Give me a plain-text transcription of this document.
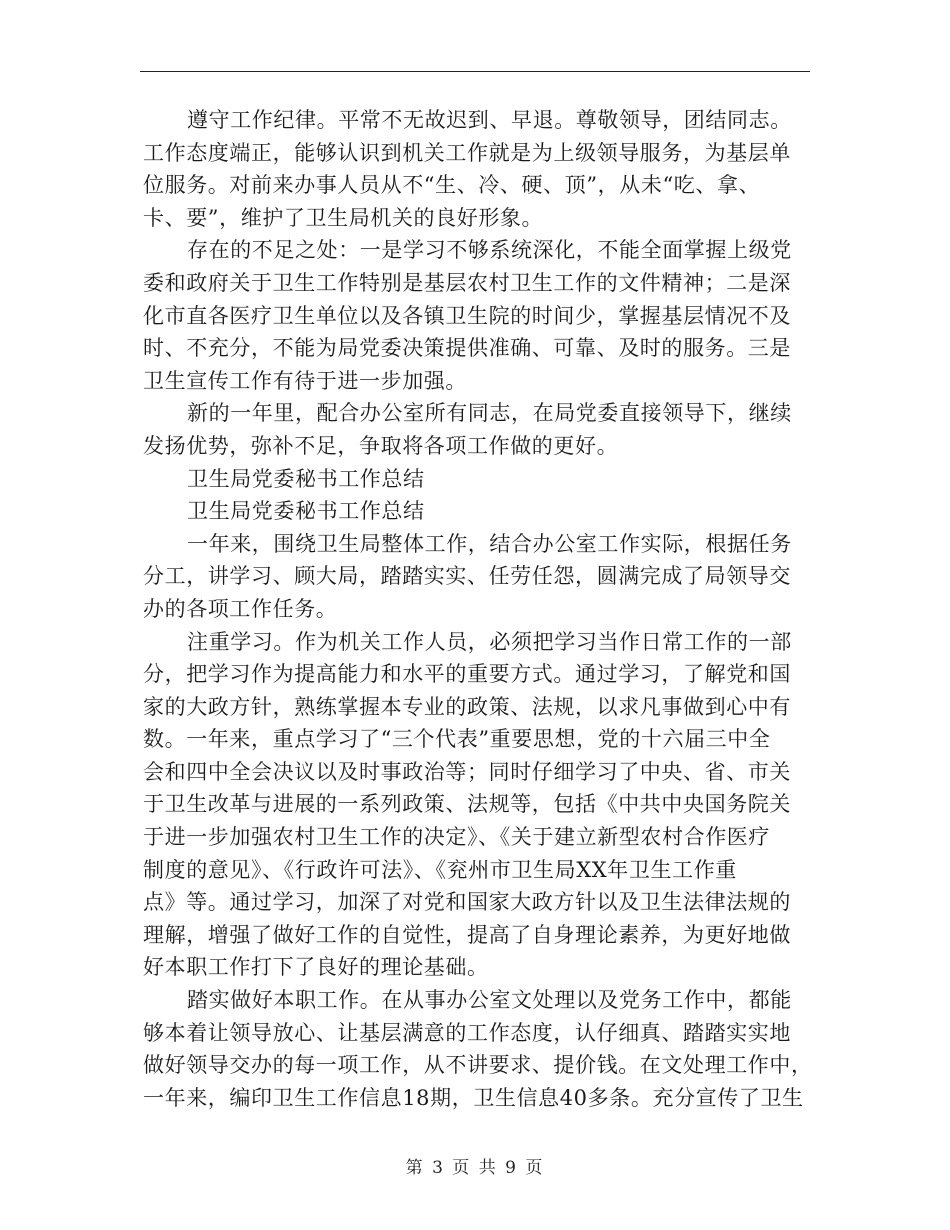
遵守工作纪律。平常不无故迟到、早退。尊敬领导，团结同志。
工作态度端正，能够认识到机关工作就是为上级领导服务，为基层单
位服务。对前来办事人员从不“生、冷、硬、顶”，从未“吃、拿、
卡、要”，维护了卫生局机关的良好形象。
存在的不足之处：一是学习不够系统深化，不能全面掌握上级党
委和政府关于卫生工作特别是基层农村卫生工作的文件精神；二是深
化市直各医疗卫生单位以及各镇卫生院的时间少，掌握基层情况不及
时、不充分，不能为局党委决策提供准确、可靠、及时的服务。三是
卫生宣传工作有待于进一步加强。
新的一年里，配合办公室所有同志，在局党委直接领导下，继续
发扬优势，弥补不足，争取将各项工作做的更好。
卫生局党委秘书工作总结
卫生局党委秘书工作总结
一年来，围绕卫生局整体工作，结合办公室工作实际，根据任务
分工，讲学习、顾大局，踏踏实实、任劳任怨，圆满完成了局领导交
办的各项工作任务。
注重学习。作为机关工作人员，必须把学习当作日常工作的一部
分，把学习作为提高能力和水平的重要方式。通过学习，了解党和国
家的大政方针，熟练掌握本专业的政策、法规，以求凡事做到心中有
数。一年来，重点学习了“三个代表”重要思想，党的十六届三中全
会和四中全会决议以及时事政治等；同时仔细学习了中央、省、市关
于卫生改革与进展的一系列政策、法规等，包括《中共中央国务院关
于进一步加强农村卫生工作的决定》、《关于建立新型农村合作医疗
制度的意见》、《行政许可法》、《兖州市卫生局XX年卫生工作重
点》等。通过学习，加深了对党和国家大政方针以及卫生法律法规的
理解，增强了做好工作的自觉性，提高了自身理论素养，为更好地做
好本职工作打下了良好的理论基础。
踏实做好本职工作。在从事办公室文处理以及党务工作中，都能
够本着让领导放心、让基层满意的工作态度，认仔细真、踏踏实实地
做好领导交办的每一项工作，从不讲要求、提价钱。在文处理工作中，
一年来，编印卫生工作信息18期，卫生信息40多条。充分宣传了卫生
第 3 页 共 9 页
